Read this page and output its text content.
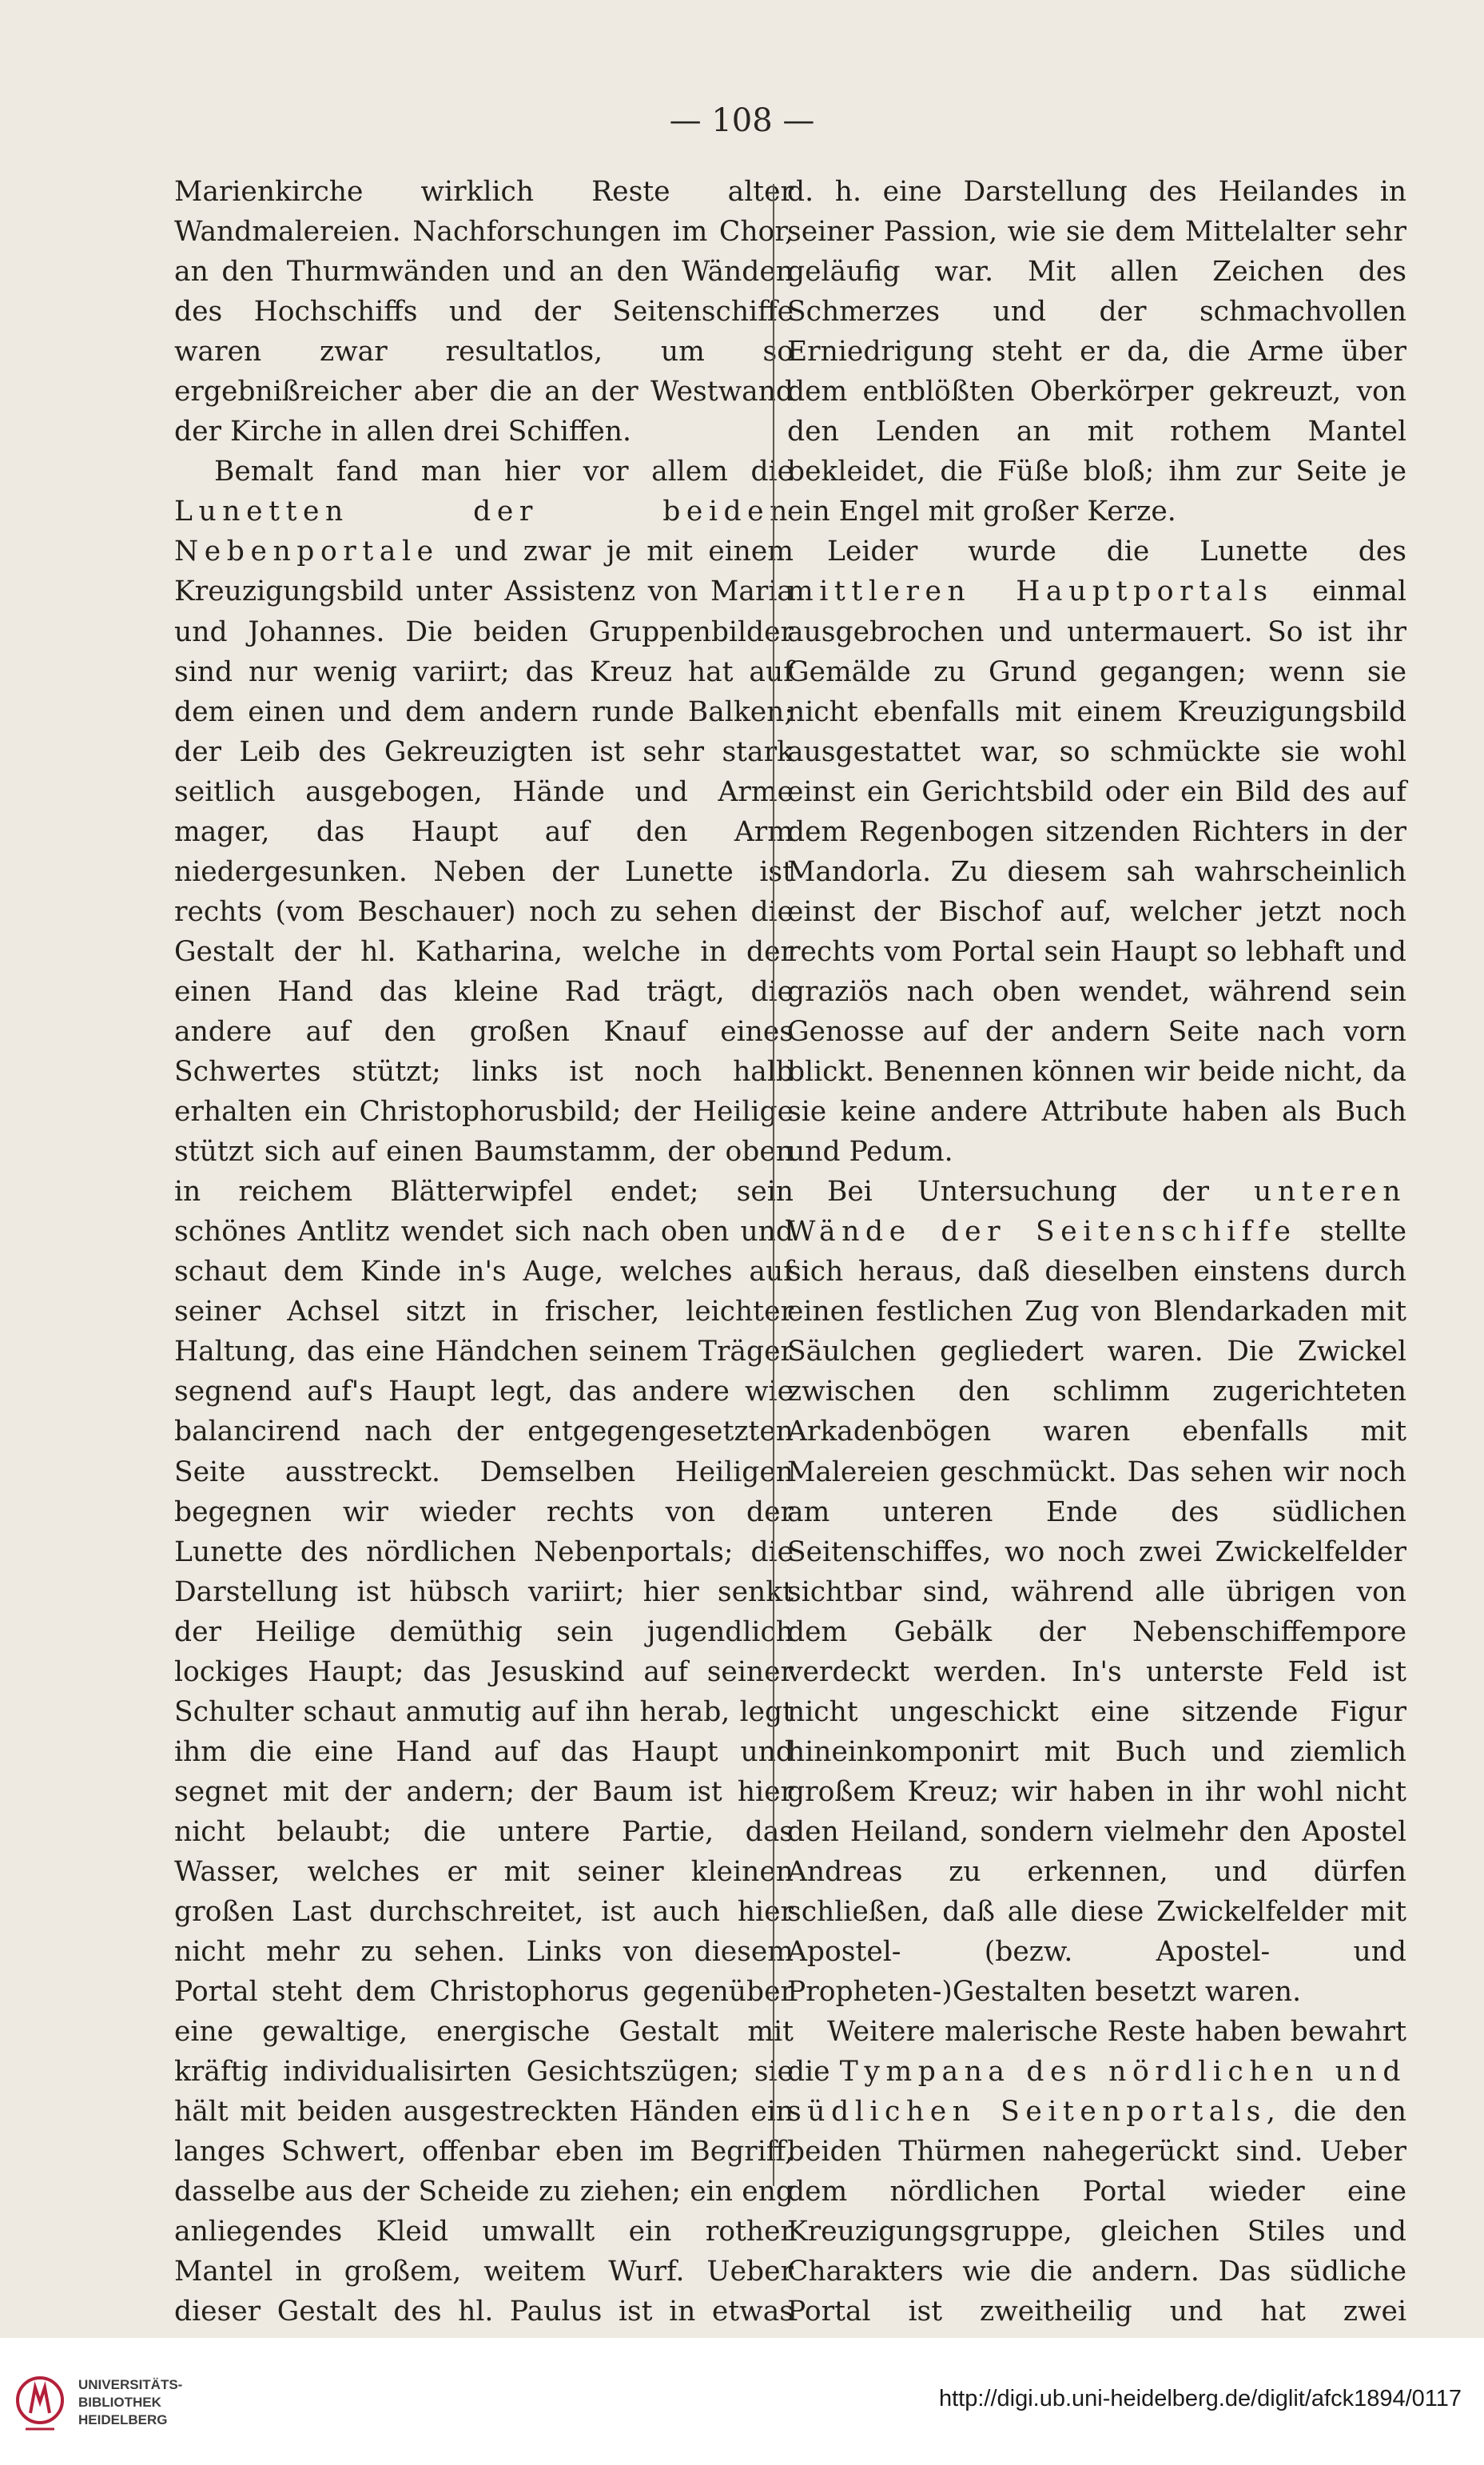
— 108 —

Marienkirche wirklich Reste alter Wandmalereien. Nachforschungen im Chor, an den Thurmwänden und an den Wänden des Hochschiffs und der Seitenschiffe waren zwar resultatlos, um so ergebnißreicher aber die an der Westwand der Kirche in allen drei Schiffen.

Bemalt fand man hier vor allem die Lunetten der beiden Nebenportale und zwar je mit einem Kreuzigungsbild unter Assistenz von Maria und Johannes. Die beiden Gruppenbilder sind nur wenig variirt; das Kreuz hat auf dem einen und dem andern runde Balken; der Leib des Gekreuzigten ist sehr stark seitlich ausgebogen, Hände und Arme mager, das Haupt auf den Arm niedergesunken. Neben der Lunette ist rechts (vom Beschauer) noch zu sehen die Gestalt der hl. Katharina, welche in der einen Hand das kleine Rad trägt, die andere auf den großen Knauf eines Schwertes stützt; links ist noch halb erhalten ein Christophorusbild; der Heilige stützt sich auf einen Baumstamm, der oben in reichem Blätterwipfel endet; sein schönes Antlitz wendet sich nach oben und schaut dem Kinde in's Auge, welches auf seiner Achsel sitzt in frischer, leichter Haltung, das eine Händchen seinem Träger segnend auf's Haupt legt, das andere wie balancirend nach der entgegengesetzten Seite ausstreckt. Demselben Heiligen begegnen wir wieder rechts von der Lunette des nördlichen Nebenportals; die Darstellung ist hübsch variirt; hier senkt der Heilige demüthig sein jugendlich lockiges Haupt; das Jesuskind auf seiner Schulter schaut anmutig auf ihn herab, legt ihm die eine Hand auf das Haupt und segnet mit der andern; der Baum ist hier nicht belaubt; die untere Partie, das Wasser, welches er mit seiner kleinen großen Last durchschreitet, ist auch hier nicht mehr zu sehen. Links von diesem Portal steht dem Christophorus gegenüber eine gewaltige, energische Gestalt mit kräftig individualisirten Gesichtszügen; sie hält mit beiden ausgestreckten Händen ein langes Schwert, offenbar eben im Begriff, dasselbe aus der Scheide zu ziehen; ein eng anliegendes Kleid umwallt ein rother Mantel in großem, weitem Wurf. Ueber dieser Gestalt des hl. Paulus ist in etwas

d. h. eine Darstellung des Heilandes in seiner Passion, wie sie dem Mittelalter sehr geläufig war. Mit allen Zeichen des Schmerzes und der schmachvollen Erniedrigung steht er da, die Arme über dem entblößten Oberkörper gekreuzt, von den Lenden an mit rothem Mantel bekleidet, die Füße bloß; ihm zur Seite je ein Engel mit großer Kerze.

Leider wurde die Lunette des mittleren Hauptportals einmal ausgebrochen und untermauert. So ist ihr Gemälde zu Grund gegangen; wenn sie nicht ebenfalls mit einem Kreuzigungsbild ausgestattet war, so schmückte sie wohl einst ein Gerichtsbild oder ein Bild des auf dem Regenbogen sitzenden Richters in der Mandorla. Zu diesem sah wahrscheinlich einst der Bischof auf, welcher jetzt noch rechts vom Portal sein Haupt so lebhaft und graziös nach oben wendet, während sein Genosse auf der andern Seite nach vorn blickt. Benennen können wir beide nicht, da sie keine andere Attribute haben als Buch und Pedum.

Bei Untersuchung der unteren Wände der Seitenschiffe stellte sich heraus, daß dieselben einstens durch einen festlichen Zug von Blendarkaden mit Säulchen gegliedert waren. Die Zwickel zwischen den schlimm zugerichteten Arkadenbögen waren ebenfalls mit Malereien geschmückt. Das sehen wir noch am unteren Ende des südlichen Seitenschiffes, wo noch zwei Zwickelfelder sichtbar sind, während alle übrigen von dem Gebälk der Nebenschiffempore verdeckt werden. In's unterste Feld ist nicht ungeschickt eine sitzende Figur hineinkomponirt mit Buch und ziemlich großem Kreuz; wir haben in ihr wohl nicht den Heiland, sondern vielmehr den Apostel Andreas zu erkennen, und dürfen schließen, daß alle diese Zwickelfelder mit Apostel- (bezw. Apostel- und Propheten-)Gestalten besetzt waren.

Weitere malerische Reste haben bewahrt die Tympana des nördlichen und südlichen Seitenportals, die den beiden Thürmen nahegerückt sind. Ueber dem nördlichen Portal wieder eine Kreuzigungsgruppe, gleichen Stiles und Charakters wie die andern. Das südliche Portal ist zweitheilig und hat zwei

UNIVERSITÄTS-
BIBLIOTHEK
HEIDELBERG
http://digi.ub.uni-heidelberg.de/diglit/afck1894/0117
